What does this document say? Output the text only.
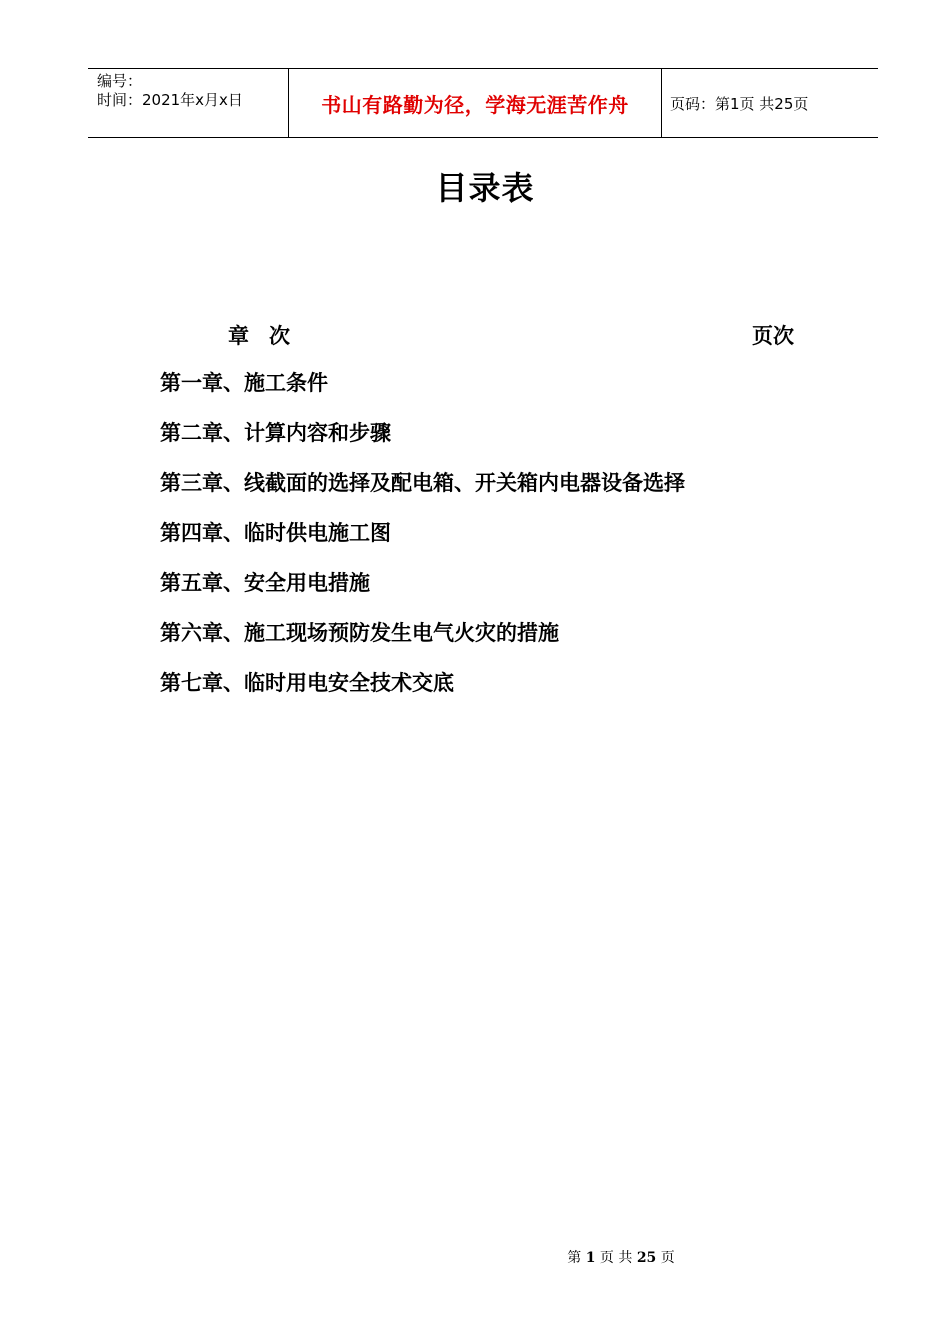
编号：
时间：2021年x月x日	书山有路勤为径，学海无涯苦作舟	页码：第1页 共25页
目录表
章 次	页次
第一章、施工条件
第二章、计算内容和步骤
第三章、线截面的选择及配电箱、开关箱内电器设备选择
第四章、临时供电施工图
第五章、安全用电措施
第六章、施工现场预防发生电气火灾的措施
第七章、临时用电安全技术交底
第 1 页 共 25 页
